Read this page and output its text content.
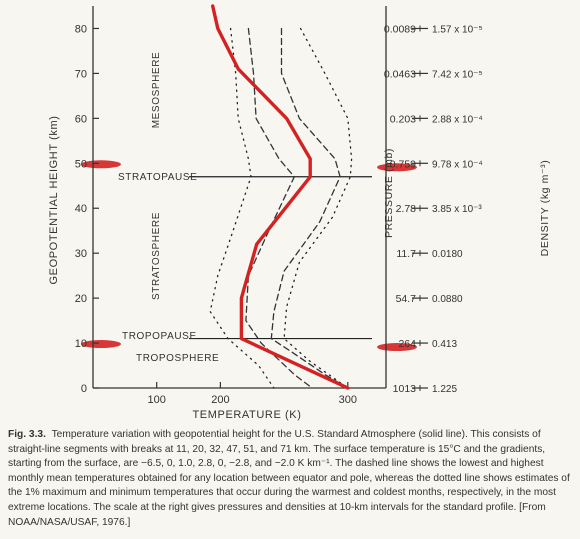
0
10
20
30
40
50
60
70
80
100	200	300
0.0089 1.57 x 10⁻⁵
0.0463 7.42 x 10⁻⁵
0.203 2.88 x 10⁻⁴
0.759 9.78 x 10⁻⁴
2.78 3.85 x 10⁻³
11.7 0.0180
54.7 0.0880
264 0.413
1013 1.225
GEOPOTENTIAL HEIGHT (km)
TEMPERATURE (K)
PRESSURE (mb)	DENSITY (kg m⁻³)
MESOSPHERE
STRATOPAUSE
STRATOSPHERE
TROPOPAUSE
TROPOSPHERE

Fig. 3.3. Temperature variation with geopotential height for the U.S. Standard Atmosphere (solid line). This consists of straight-line segments with breaks at 11, 20, 32, 47, 51, and 71 km. The surface temperature is 15°C and the gradients, starting from the surface, are −6.5, 0, 1.0, 2.8, 0, −2.8, and −2.0 K km⁻¹. The dashed line shows the lowest and highest monthly mean temperatures obtained for any location between equator and pole, whereas the dotted line shows estimates of the 1% maximum and minimum temperatures that occur during the warmest and coldest months, respectively, in the most extreme locations. The scale at the right gives pressures and densities at 10-km intervals for the standard profile. [From NOAA/NASA/USAF, 1976.]
